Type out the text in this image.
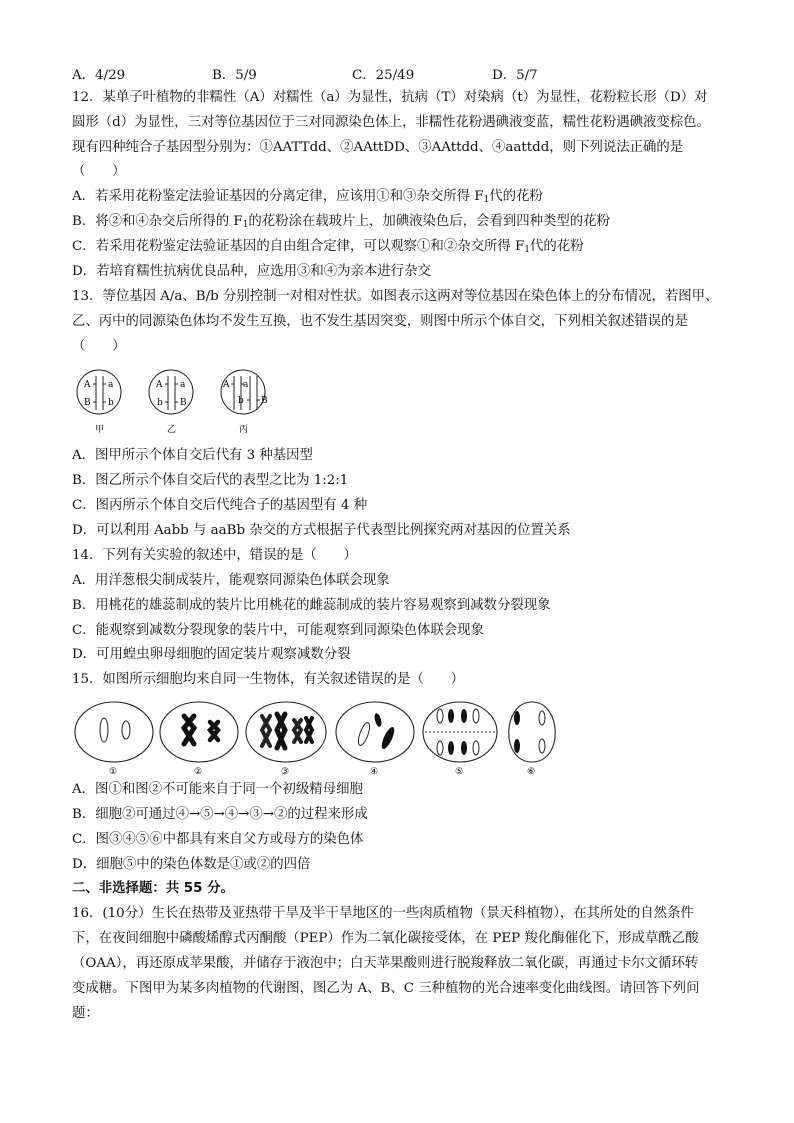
A．4/29	B．5/9	C．25/49	D．5/7
12．某单子叶植物的非糯性（A）对糯性（a）为显性，抗病（T）对染病（t）为显性，花粉粒长形（D）对
圆形（d）为显性，三对等位基因位于三对同源染色体上，非糯性花粉遇碘液变蓝，糯性花粉遇碘液变棕色。
现有四种纯合子基因型分别为：①AATTdd、②AAttDD、③AAttdd、④aattdd，则下列说法正确的是
（　　）
A．若采用花粉鉴定法验证基因的分离定律，应该用①和③杂交所得 $F_1$代的花粉
B．将②和④杂交后所得的 $F_1$的花粉涂在载玻片上，加碘液染色后，会看到四种类型的花粉
C．若采用花粉鉴定法验证基因的自由组合定律，可以观察①和②杂交所得 $F_1$代的花粉
D．若培育糯性抗病优良品种，应选用③和④为亲本进行杂交
13．等位基因 A/a、B/b 分别控制一对相对性状。如图表示这两对等位基因在染色体上的分布情况，若图甲、
乙、丙中的同源染色体均不发生互换，也不发生基因突变，则图中所示个体自交，下列相关叙述错误的是
（　　）
A a
B b
甲
A a
b B
乙
A a
b B
丙
A．图甲所示个体自交后代有 3 种基因型
B．图乙所示个体自交后代的表型之比为 1:2:1
C．图丙所示个体自交后代纯合子的基因型有 4 种
D．可以利用 Aabb 与 aaBb 杂交的方式根据子代表型比例探究两对基因的位置关系
14．下列有关实验的叙述中，错误的是（　　）
A．用洋葱根尖制成装片，能观察同源染色体联会现象
B．用桃花的雄蕊制成的装片比用桃花的雌蕊制成的装片容易观察到减数分裂现象
C．能观察到减数分裂现象的装片中，可能观察到同源染色体联会现象
D．可用蝗虫卵母细胞的固定装片观察减数分裂
15．如图所示细胞均来自同一生物体，有关叙述错误的是（　　）
①	②	③	④	⑤	⑥
A．图①和图②不可能来自于同一个初级精母细胞
B．细胞②可通过④→⑤→④→③→②的过程来形成
C．图③④⑤⑥中都具有来自父方或母方的染色体
D．细胞⑤中的染色体数是①或②的四倍
二、非选择题：共 55 分。
16．(10分）生长在热带及亚热带干旱及半干旱地区的一些肉质植物（景天科植物），在其所处的自然条件
下，在夜间细胞中磷酸烯醇式丙酮酸（PEP）作为二氧化碳接受体，在 PEP 羧化酶催化下，形成草酰乙酸
（OAA），再还原成苹果酸，并储存于液泡中；白天苹果酸则进行脱羧释放二氧化碳，再通过卡尔文循环转
变成糖。下图甲为某多肉植物的代谢图，图乙为 A、B、C 三种植物的光合速率变化曲线图。请回答下列问
题：
